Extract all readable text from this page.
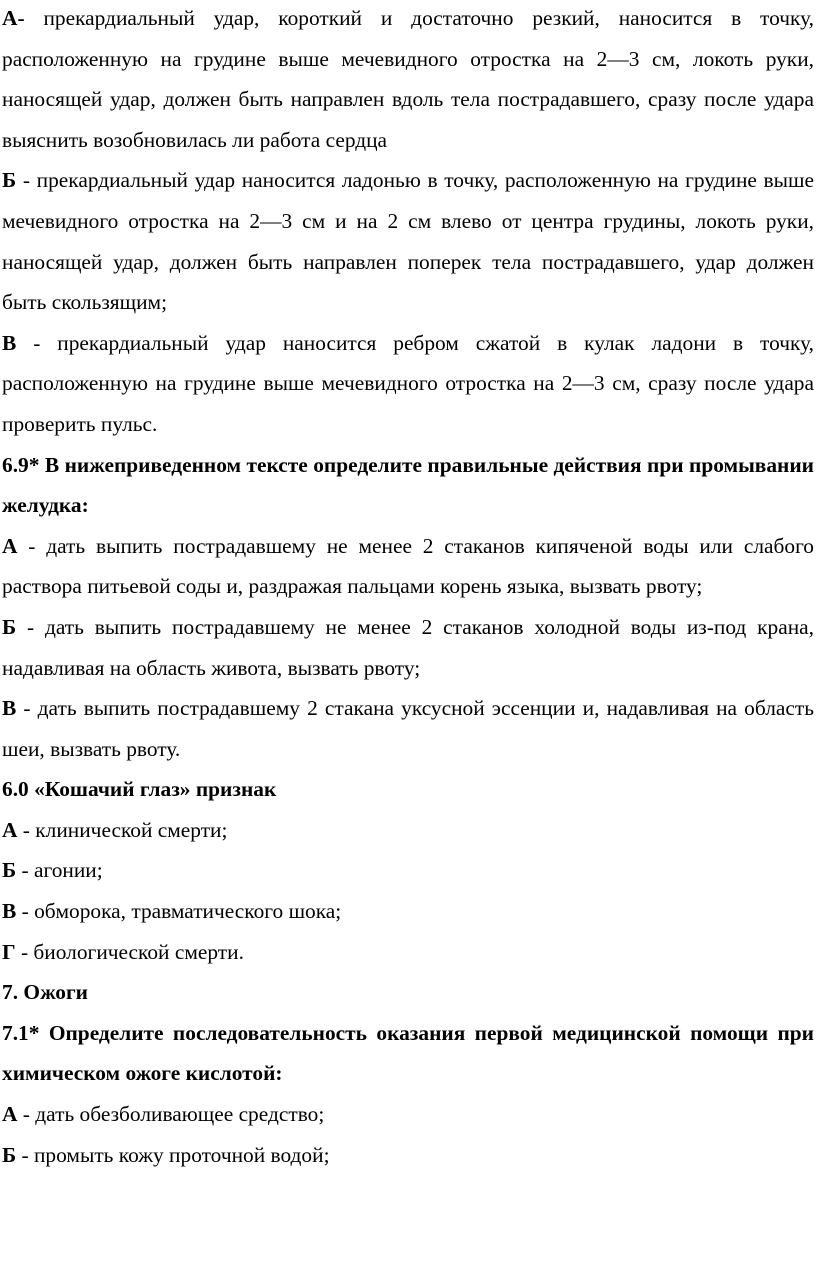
А- прекардиальный удар, короткий и достаточно резкий, наносится в точку, расположенную на грудине выше мечевидного отростка на 2—3 см, локоть руки, наносящей удар, должен быть направлен вдоль тела пострадавшего, сразу после удара выяснить возобновилась ли работа сердца

Б - прекардиальный удар наносится ладонью в точку, расположенную на грудине выше мечевидного отростка на 2—3 см и на 2 см влево от центра грудины, локоть руки, наносящей удар, должен быть направлен поперек тела пострадавшего, удар должен быть скользящим;

В - прекардиальный удар наносится ребром сжатой в кулак ладони в точку, расположенную на грудине выше мечевидного отростка на 2—3 см, сразу после удара проверить пульс.

6.9* В нижеприведенном тексте определите правильные действия при промывании желудка:

А - дать выпить пострадавшему не менее 2 стаканов кипяченой воды или слабого раствора питьевой соды и, раздражая пальцами корень языка, вызвать рвоту;

Б - дать выпить пострадавшему не менее 2 стаканов холодной воды из-под крана, надавливая на область живота, вызвать рвоту;

В - дать выпить пострадавшему 2 стакана уксусной эссенции и, надавливая на область шеи, вызвать рвоту.

6.0 «Кошачий глаз» признак

А - клинической смерти;

Б - агонии;

В - обморока, травматического шока;

Г - биологической смерти.

7. Ожоги

7.1* Определите последовательность оказания первой медицинской помощи при химическом ожоге кислотой:

А - дать обезболивающее средство;

Б - промыть кожу проточной водой;
